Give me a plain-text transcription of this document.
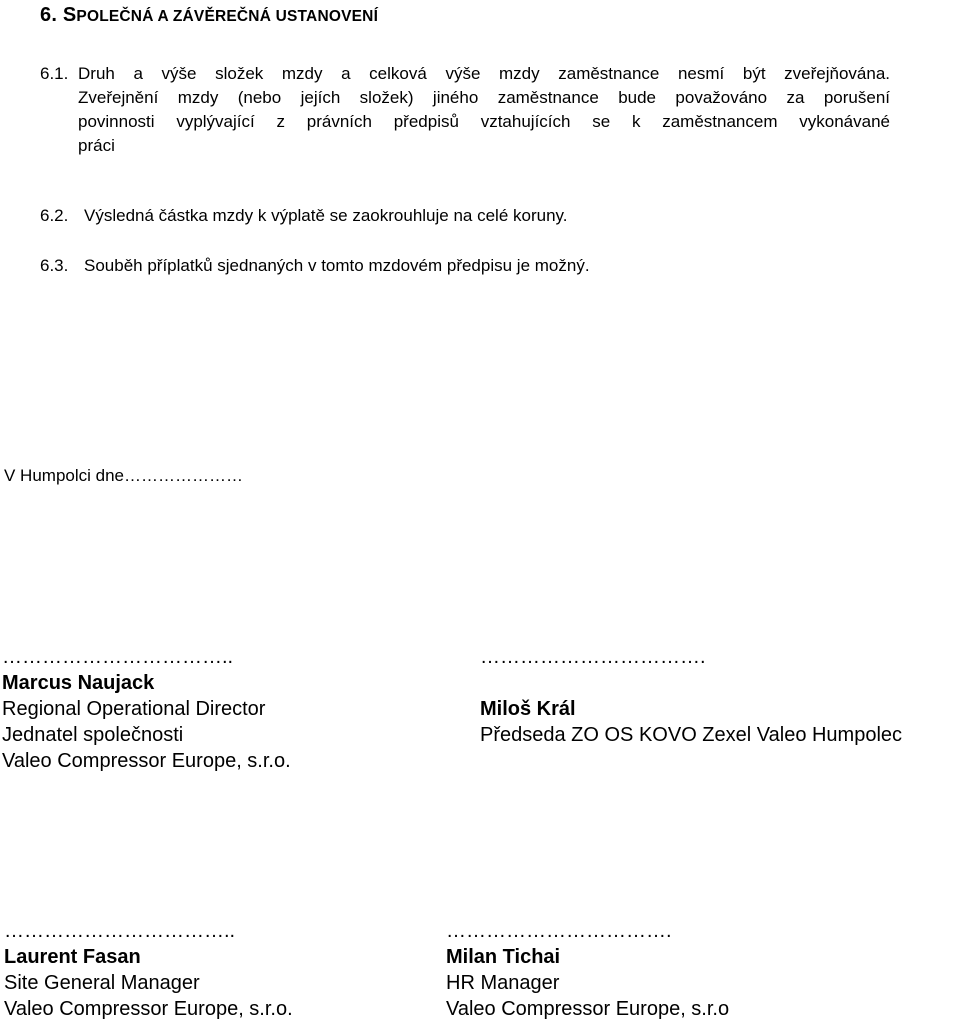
6. SPOLEČNÁ A ZÁVĚREČNÁ USTANOVENÍ
6.1. Druh a výše složek mzdy a celková výše mzdy zaměstnance nesmí být zveřejňována.
Zveřejnění mzdy (nebo jejích složek) jiného zaměstnance bude považováno za porušení
povinnosti vyplývající z právních předpisů vztahujících se k zaměstnancem vykonávané
práci
6.2. Výsledná částka mzdy k výplatě se zaokrouhluje na celé koruny.
6.3. Souběh příplatků sjednaných v tomto mzdovém předpisu je možný.
V Humpolci dne…………………
……………………………..
Marcus Naujack
Regional Operational Director
Jednatel společnosti
Valeo Compressor Europe, s.r.o.
…………………………….
Miloš Král
Předseda ZO OS KOVO Zexel Valeo Humpolec
……………………………..
Laurent Fasan
Site General Manager
Valeo Compressor Europe, s.r.o.
…………………………….
Milan Tichai
HR Manager
Valeo Compressor Europe, s.r.o
